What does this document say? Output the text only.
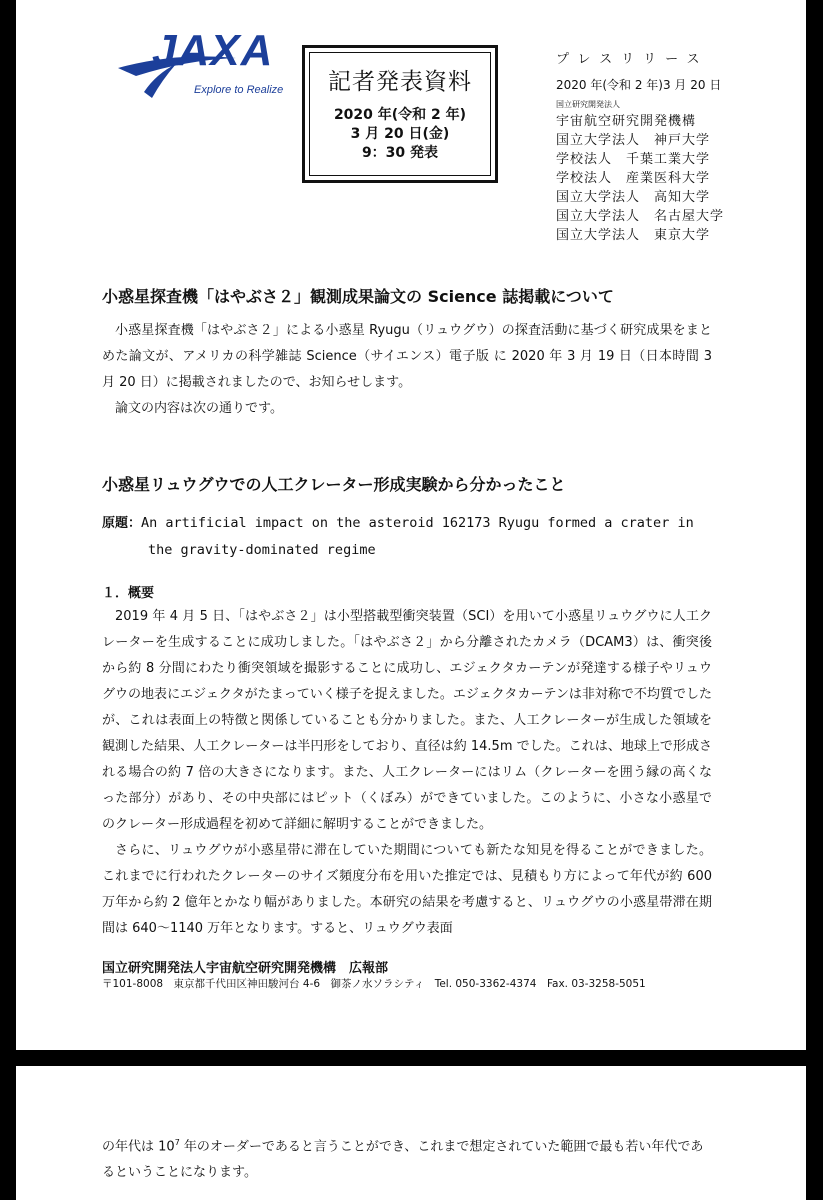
JAXA
Explore to Realize	記者発表資料
2020 年(令和 2 年)
3 月 20 日(金)
9：30 発表
プレスリリース
2020 年(令和 2 年)3 月 20 日
国立研究開発法人
宇宙航空研究開発機構
国立大学法人　神戸大学
学校法人　千葉工業大学
学校法人　産業医科大学
国立大学法人　高知大学
国立大学法人　名古屋大学
国立大学法人　東京大学
小惑星探査機「はやぶさ２」観測成果論文の Science 誌掲載について
小惑星探査機「はやぶさ２」による小惑星 Ryugu（リュウグウ）の探査活動に基づく研究成果をまとめた論文が、アメリカの科学雑誌 Science（サイエンス）電子版 に 2020 年 3 月 19 日（日本時間 3 月 20 日）に掲載されましたので、お知らせします。
論文の内容は次の通りです。
小惑星リュウグウでの人工クレーター形成実験から分かったこと
原題：An artificial impact on the asteroid 162173 Ryugu formed a crater in
the gravity-dominated regime
１．概要
2019 年 4 月 5 日、「はやぶさ２」は小型搭載型衝突装置（SCI）を用いて小惑星リュウグウに人工クレーターを生成することに成功しました。「はやぶさ２」から分離されたカメラ（DCAM3）は、衝突後から約 8 分間にわたり衝突領域を撮影することに成功し、エジェクタカーテンが発達する様子やリュウグウの地表にエジェクタがたまっていく様子を捉えました。エジェクタカーテンは非対称で不均質でしたが、これは表面上の特徴と関係していることも分かりました。また、人工クレーターが生成した領域を観測した結果、人工クレーターは半円形をしており、直径は約 14.5m でした。これは、地球上で形成される場合の約 7 倍の大きさになります。また、人工クレーターにはリム（クレーターを囲う縁の高くなった部分）があり、その中央部にはピット（くぼみ）ができていました。このように、小さな小惑星でのクレーター形成過程を初めて詳細に解明することができました。
さらに、リュウグウが小惑星帯に滞在していた期間についても新たな知見を得ることができました。これまでに行われたクレーターのサイズ頻度分布を用いた推定では、見積もり方によって年代が約 600 万年から約 2 億年とかなり幅がありました。本研究の結果を考慮すると、リュウグウの小惑星帯滞在期間は 640～1140 万年となります。すると、リュウグウ表面
国立研究開発法人宇宙航空研究開発機構　広報部
〒101-8008　東京都千代田区神田駿河台 4-6　御茶ノ水ソラシティ　Tel. 050-3362-4374　Fax. 03-3258-5051
の年代は $10^7$ 年のオーダーであると言うことができ、これまで想定されていた範囲で最も若い年代であるということになります。
